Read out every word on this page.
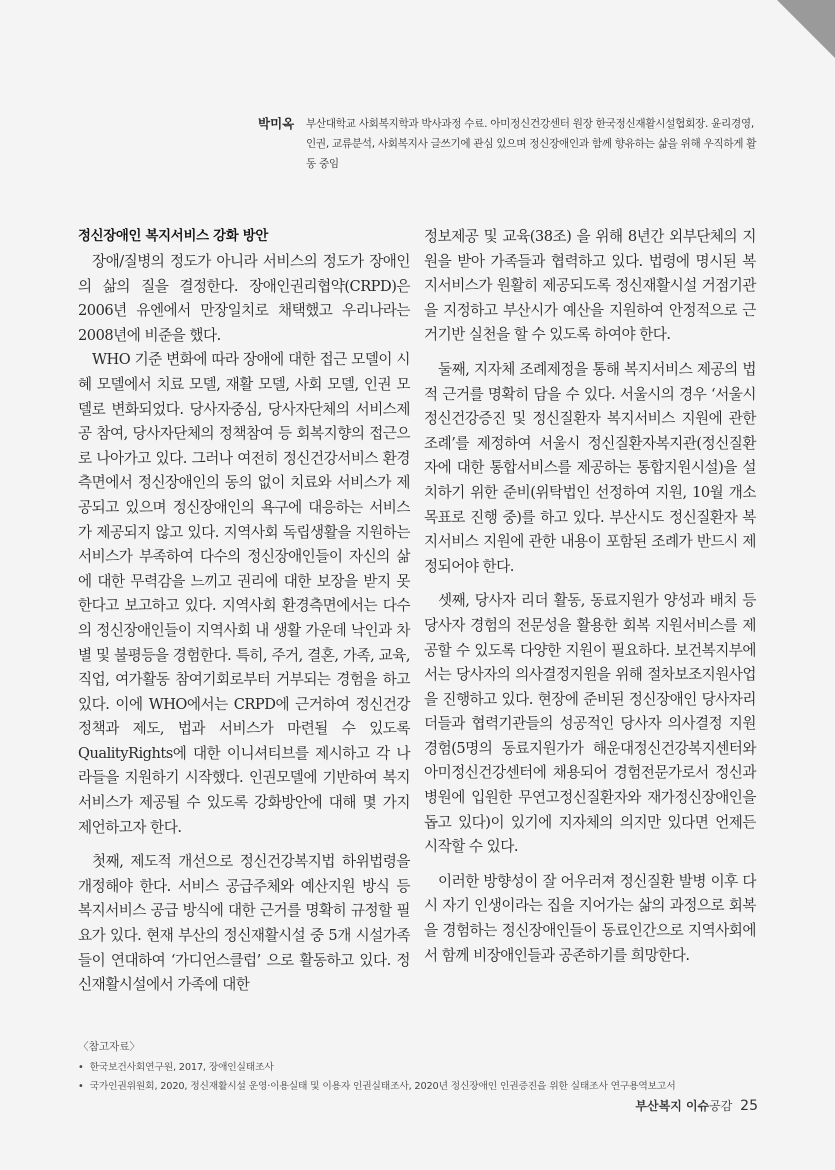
박미옥 부산대학교 사회복지학과 박사과정 수료. 아미정신건강센터 원장 한국정신재활시설협회장. 윤리경영, 인권, 교류분석, 사회복지사 글쓰기에 관심 있으며 정신장애인과 함께 향유하는 삶을 위해 우직하게 활동 중임
정신장애인 복지서비스 강화 방안

장애/질병의 정도가 아니라 서비스의 정도가 장애인의 삶의 질을 결정한다. 장애인권리협약(CRPD)은 2006년 유엔에서 만장일치로 채택했고 우리나라는 2008년에 비준을 했다.

WHO 기준 변화에 따라 장애에 대한 접근 모델이 시혜 모델에서 치료 모델, 재활 모델, 사회 모델, 인권 모델로 변화되었다. 당사자중심, 당사자단체의 서비스제공 참여, 당사자단체의 정책참여 등 회복지향의 접근으로 나아가고 있다. 그러나 여전히 정신건강서비스 환경 측면에서 정신장애인의 동의 없이 치료와 서비스가 제공되고 있으며 정신장애인의 욕구에 대응하는 서비스가 제공되지 않고 있다. 지역사회 독립생활을 지원하는 서비스가 부족하여 다수의 정신장애인들이 자신의 삶에 대한 무력감을 느끼고 권리에 대한 보장을 받지 못한다고 보고하고 있다. 지역사회 환경측면에서는 다수의 정신장애인들이 지역사회 내 생활 가운데 낙인과 차별 및 불평등을 경험한다. 특히, 주거, 결혼, 가족, 교육, 직업, 여가활동 참여기회로부터 거부되는 경험을 하고 있다. 이에 WHO에서는 CRPD에 근거하여 정신건강 정책과 제도, 법과 서비스가 마련될 수 있도록 QualityRights에 대한 이니셔티브를 제시하고 각 나라들을 지원하기 시작했다. 인권모델에 기반하여 복지서비스가 제공될 수 있도록 강화방안에 대해 몇 가지 제언하고자 한다.

첫째, 제도적 개선으로 정신건강복지법 하위법령을 개정해야 한다. 서비스 공급주체와 예산지원 방식 등 복지서비스 공급 방식에 대한 근거를 명확히 규정할 필요가 있다. 현재 부산의 정신재활시설 중 5개 시설가족들이 연대하여 ‘가디언스클럽’ 으로 활동하고 있다. 정신재활시설에서 가족에 대한

정보제공 및 교육(38조) 을 위해 8년간 외부단체의 지원을 받아 가족들과 협력하고 있다. 법령에 명시된 복지서비스가 원활히 제공되도록 정신재활시설 거점기관을 지정하고 부산시가 예산을 지원하여 안정적으로 근거기반 실천을 할 수 있도록 하여야 한다.

둘째, 지자체 조례제정을 통해 복지서비스 제공의 법적 근거를 명확히 담을 수 있다. 서울시의 경우 ‘서울시 정신건강증진 및 정신질환자 복지서비스 지원에 관한 조례’를 제정하여 서울시 정신질환자복지관(정신질환자에 대한 통합서비스를 제공하는 통합지원시설)을 설치하기 위한 준비(위탁법인 선정하여 지원, 10월 개소 목표로 진행 중)를 하고 있다. 부산시도 정신질환자 복지서비스 지원에 관한 내용이 포함된 조례가 반드시 제정되어야 한다.

셋째, 당사자 리더 활동, 동료지원가 양성과 배치 등 당사자 경험의 전문성을 활용한 회복 지원서비스를 제공할 수 있도록 다양한 지원이 필요하다. 보건복지부에서는 당사자의 의사결정지원을 위해 절차보조지원사업을 진행하고 있다. 현장에 준비된 정신장애인 당사자리더들과 협력기관들의 성공적인 당사자 의사결정 지원경험(5명의 동료지원가가 해운대정신건강복지센터와 아미정신건강센터에 채용되어 경험전문가로서 정신과병원에 입원한 무연고정신질환자와 재가정신장애인을 돕고 있다)이 있기에 지자체의 의지만 있다면 언제든 시작할 수 있다.

이러한 방향성이 잘 어우러져 정신질환 발병 이후 다시 자기 인생이라는 집을 지어가는 삶의 과정으로 회복을 경험하는 정신장애인들이 동료인간으로 지역사회에서 함께 비장애인들과 공존하기를 희망한다.

〈참고자료〉
• 한국보건사회연구원, 2017, 장애인실태조사
• 국가인권위원회, 2020, 정신재활시설 운영·이용실태 및 이용자 인권실태조사, 2020년 정신장애인 인권증진을 위한 실태조사 연구용역보고서
부산복지 이슈공감 25
